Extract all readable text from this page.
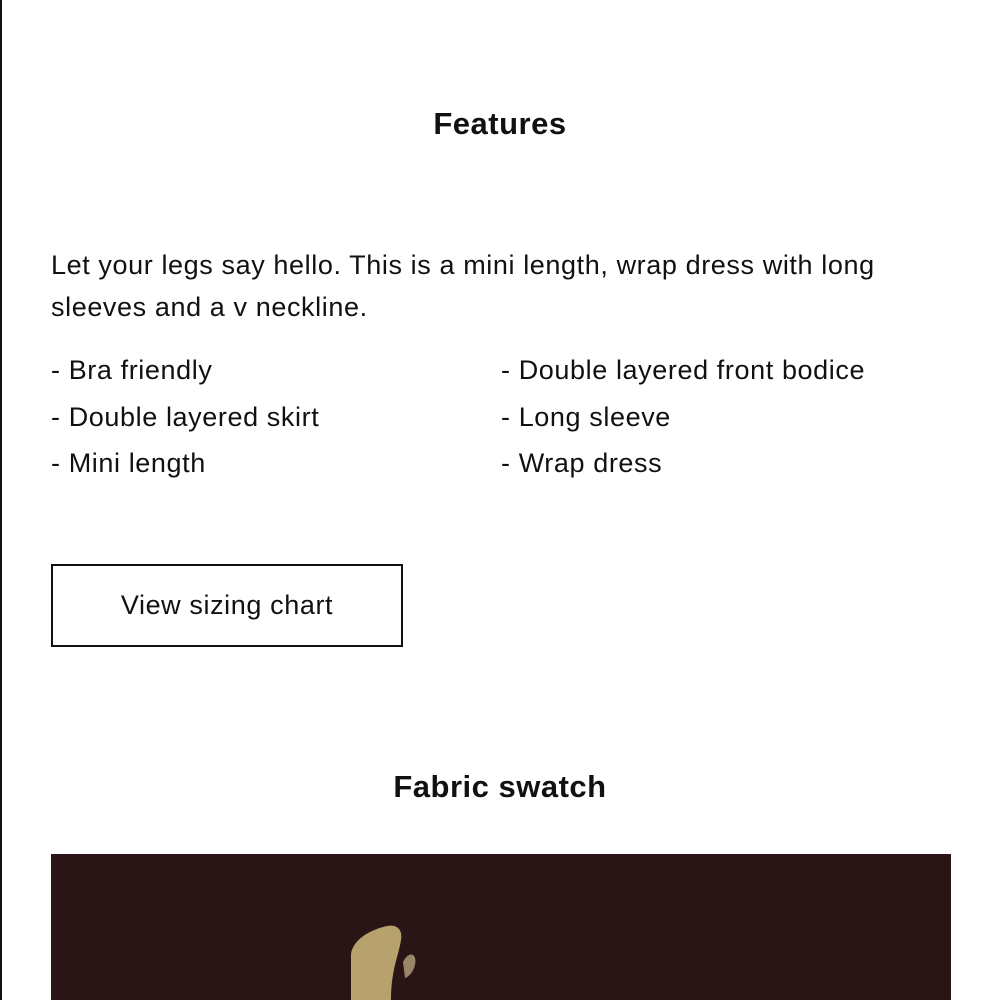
Features

Let your legs say hello. This is a mini length, wrap dress with long sleeves and a v neckline.

- Bra friendly	- Double layered front bodice
- Double layered skirt	- Long sleeve
- Mini length	- Wrap dress
View sizing chart
Fabric swatch
